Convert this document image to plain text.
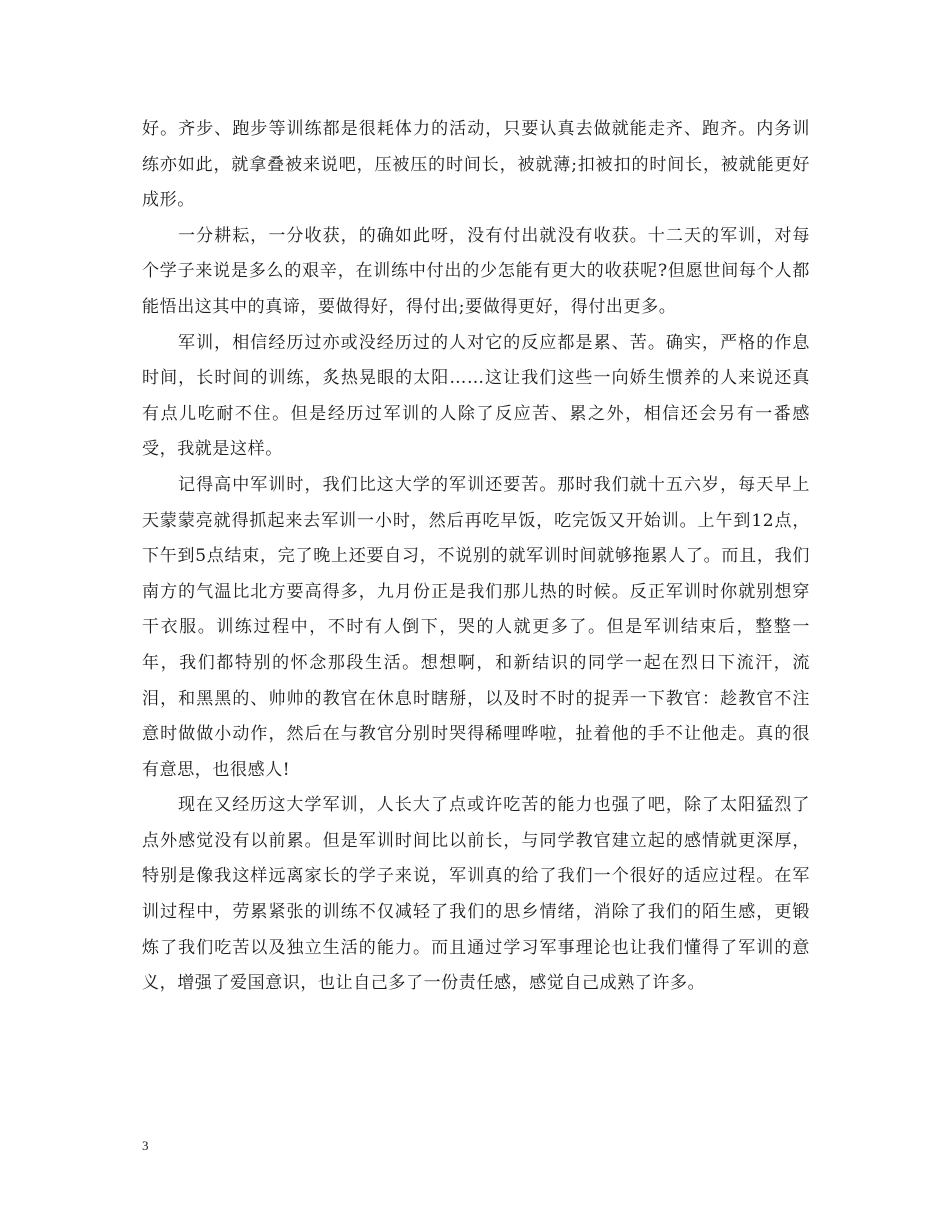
好。齐步、跑步等训练都是很耗体力的活动，只要认真去做就能走齐、跑齐。内务训练亦如此，就拿叠被来说吧，压被压的时间长，被就薄;扣被扣的时间长，被就能更好成形。

一分耕耘，一分收获，的确如此呀，没有付出就没有收获。十二天的军训，对每个学子来说是多么的艰辛，在训练中付出的少怎能有更大的收获呢?但愿世间每个人都能悟出这其中的真谛，要做得好，得付出;要做得更好，得付出更多。

军训，相信经历过亦或没经历过的人对它的反应都是累、苦。确实，严格的作息时间，长时间的训练，炙热晃眼的太阳……这让我们这些一向娇生惯养的人来说还真有点儿吃耐不住。但是经历过军训的人除了反应苦、累之外，相信还会另有一番感受，我就是这样。

记得高中军训时，我们比这大学的军训还要苦。那时我们就十五六岁，每天早上天蒙蒙亮就得抓起来去军训一小时，然后再吃早饭，吃完饭又开始训。上午到12点，下午到5点结束，完了晚上还要自习，不说别的就军训时间就够拖累人了。而且，我们南方的气温比北方要高得多，九月份正是我们那儿热的时候。反正军训时你就别想穿干衣服。训练过程中，不时有人倒下，哭的人就更多了。但是军训结束后，整整一年，我们都特别的怀念那段生活。想想啊，和新结识的同学一起在烈日下流汗，流泪，和黑黑的、帅帅的教官在休息时瞎掰，以及时不时的捉弄一下教官：趁教官不注意时做做小动作，然后在与教官分别时哭得稀哩哗啦，扯着他的手不让他走。真的很有意思，也很感人!

现在又经历这大学军训，人长大了点或许吃苦的能力也强了吧，除了太阳猛烈了点外感觉没有以前累。但是军训时间比以前长，与同学教官建立起的感情就更深厚，特别是像我这样远离家长的学子来说，军训真的给了我们一个很好的适应过程。在军训过程中，劳累紧张的训练不仅减轻了我们的思乡情绪，消除了我们的陌生感，更锻炼了我们吃苦以及独立生活的能力。而且通过学习军事理论也让我们懂得了军训的意义，增强了爱国意识，也让自己多了一份责任感，感觉自己成熟了许多。

3
